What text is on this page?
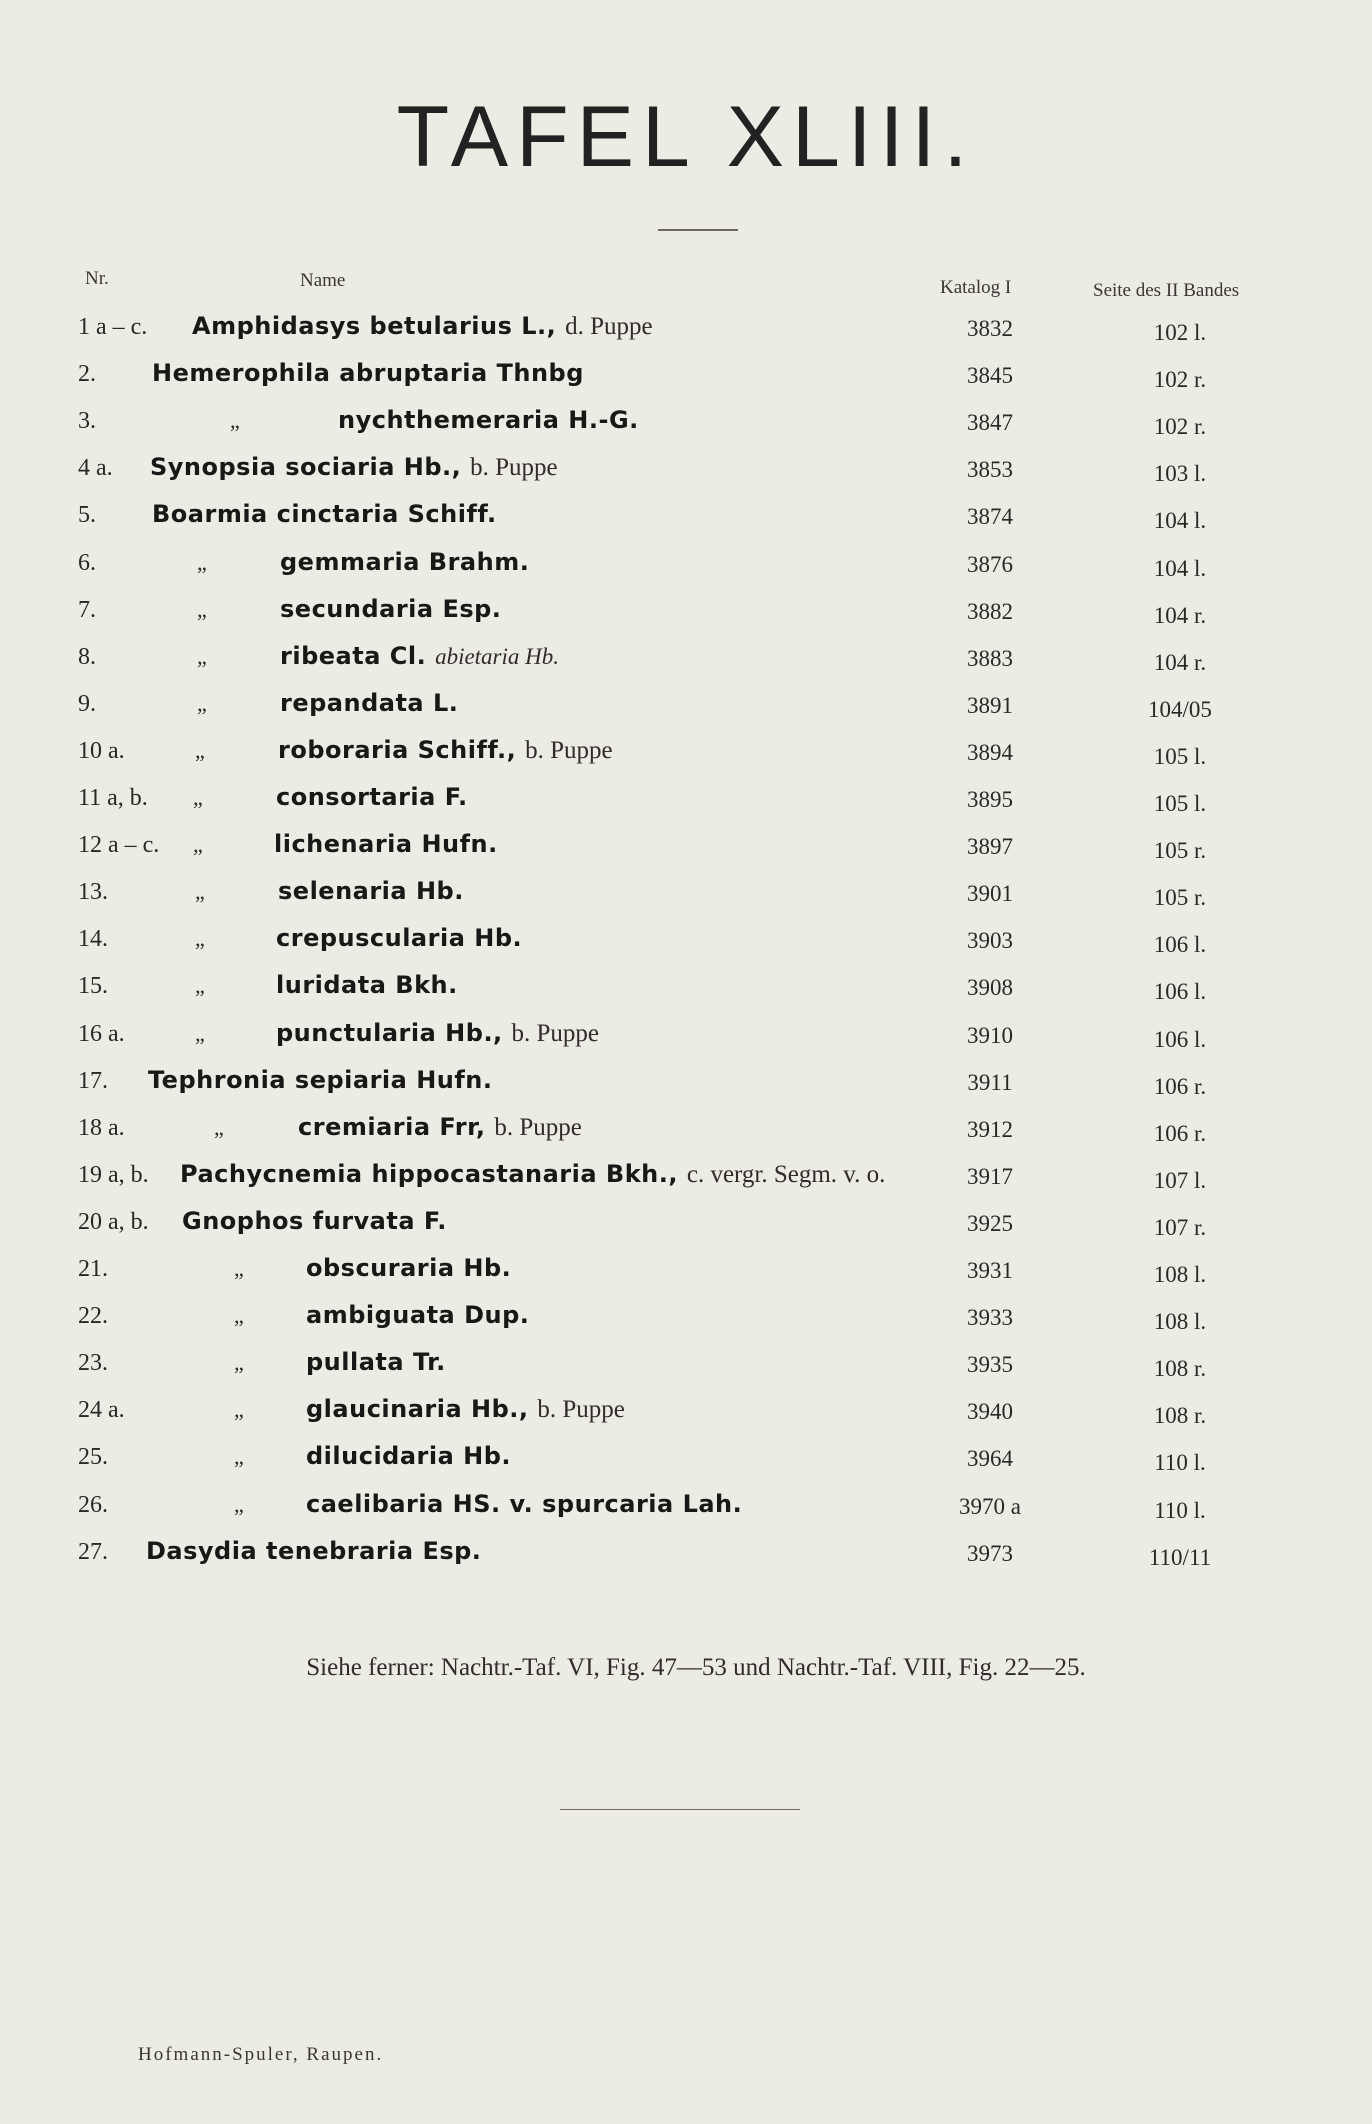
TAFEL XLIII.
Nr.	Name	Katalog I	Seite des II Bandes
1 a – c. Amphidasys betularius L., d. Puppe	3832	102 l.
2. Hemerophila abruptaria Thnbg	3845	102 r.
3.	„	nychthemeraria H.-G.	3847	102 r.
4 a. Synopsia sociaria Hb., b. Puppe	3853	103 l.
5. Boarmia cinctaria Schiff.	3874	104 l.
6.	„	gemmaria Brahm.	3876	104 l.
7.	„	secundaria Esp.	3882	104 r.
8.	„	ribeata Cl. abietaria Hb.	3883	104 r.
9.	„	repandata L.	3891	104/05
10 a.	„	roboraria Schiff., b. Puppe	3894	105 l.
11 a, b. „	consortaria F.	3895	105 l.
12 a – c. „	lichenaria Hufn.	3897	105 r.
13.	„	selenaria Hb.	3901	105 r.
14.	„	crepuscularia Hb.	3903	106 l.
15.	„	luridata Bkh.	3908	106 l.
16 a.	„	punctularia Hb., b. Puppe	3910	106 l.
17. Tephronia sepiaria Hufn.	3911	106 r.
18 a.	„	cremiaria Frr, b. Puppe	3912	106 r.
19 a, b. Pachycnemia hippocastanaria Bkh., c. vergr. Segm. v. o.	3917	107 l.
20 a, b. Gnophos furvata F.	3925	107 r.
21.	„	obscuraria Hb.	3931	108 l.
22.	„	ambiguata Dup.	3933	108 l.
23.	„	pullata Tr.	3935	108 r.
24 a.	„	glaucinaria Hb., b. Puppe	3940	108 r.
25.	„	dilucidaria Hb.	3964	110 l.
26.	„	caelibaria HS. v. spurcaria Lah.	3970 a	110 l.
27. Dasydia tenebraria Esp.	3973	110/11
Siehe ferner: Nachtr.-Taf. VI, Fig. 47—53 und Nachtr.-Taf. VIII, Fig. 22—25.
Hofmann-Spuler, Raupen.
